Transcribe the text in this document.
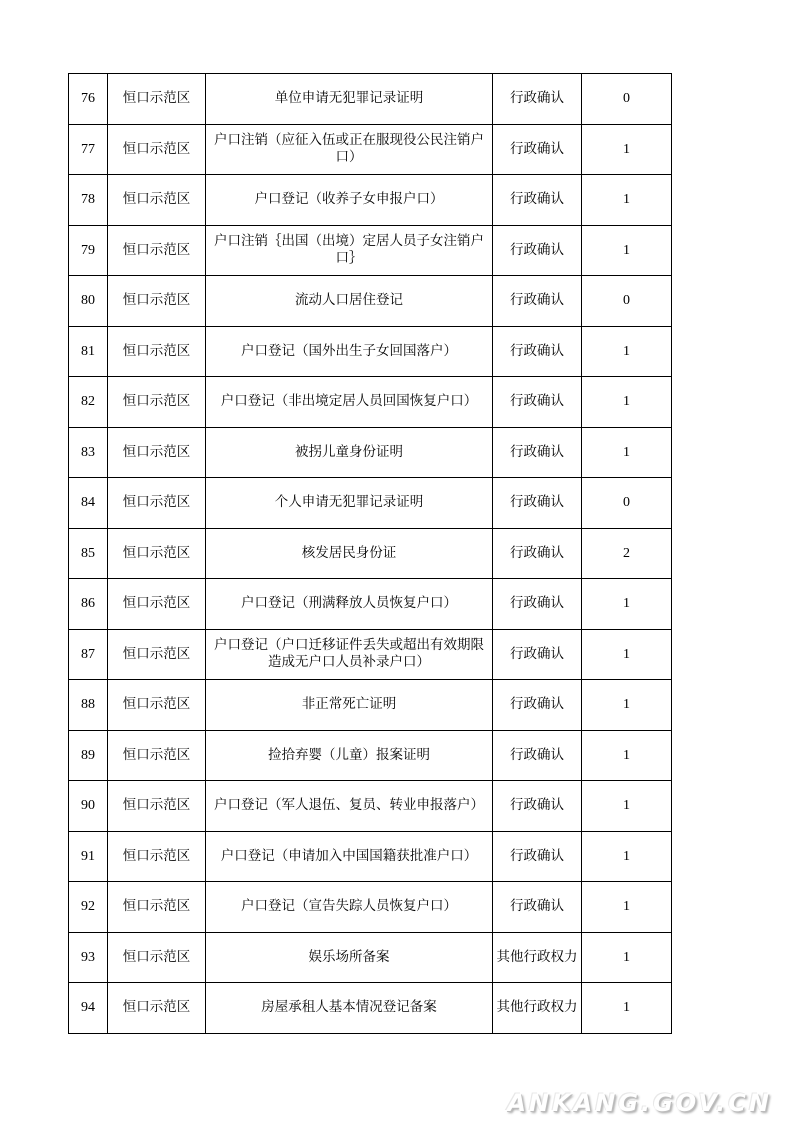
76	恒口示范区	单位申请无犯罪记录证明	行政确认	0
77	恒口示范区	户口注销（应征入伍或正在服现役公民注销户口）	行政确认	1
78	恒口示范区	户口登记（收养子女申报户口）	行政确认	1
79	恒口示范区	户口注销｛出国（出境）定居人员子女注销户口｝	行政确认	1
80	恒口示范区	流动人口居住登记	行政确认	0
81	恒口示范区	户口登记（国外出生子女回国落户）	行政确认	1
82	恒口示范区	户口登记（非出境定居人员回国恢复户口）	行政确认	1
83	恒口示范区	被拐儿童身份证明	行政确认	1
84	恒口示范区	个人申请无犯罪记录证明	行政确认	0
85	恒口示范区	核发居民身份证	行政确认	2
86	恒口示范区	户口登记（刑满释放人员恢复户口）	行政确认	1
87	恒口示范区	户口登记（户口迁移证件丢失或超出有效期限造成无户口人员补录户口）	行政确认	1
88	恒口示范区	非正常死亡证明	行政确认	1
89	恒口示范区	捡拾弃婴（儿童）报案证明	行政确认	1
90	恒口示范区	户口登记（军人退伍、复员、转业申报落户）	行政确认	1
91	恒口示范区	户口登记（申请加入中国国籍获批准户口）	行政确认	1
92	恒口示范区	户口登记（宣告失踪人员恢复户口）	行政确认	1
93	恒口示范区	娱乐场所备案	其他行政权力	1
94	恒口示范区	房屋承租人基本情况登记备案	其他行政权力	1
ANKANG.GOV.CN
